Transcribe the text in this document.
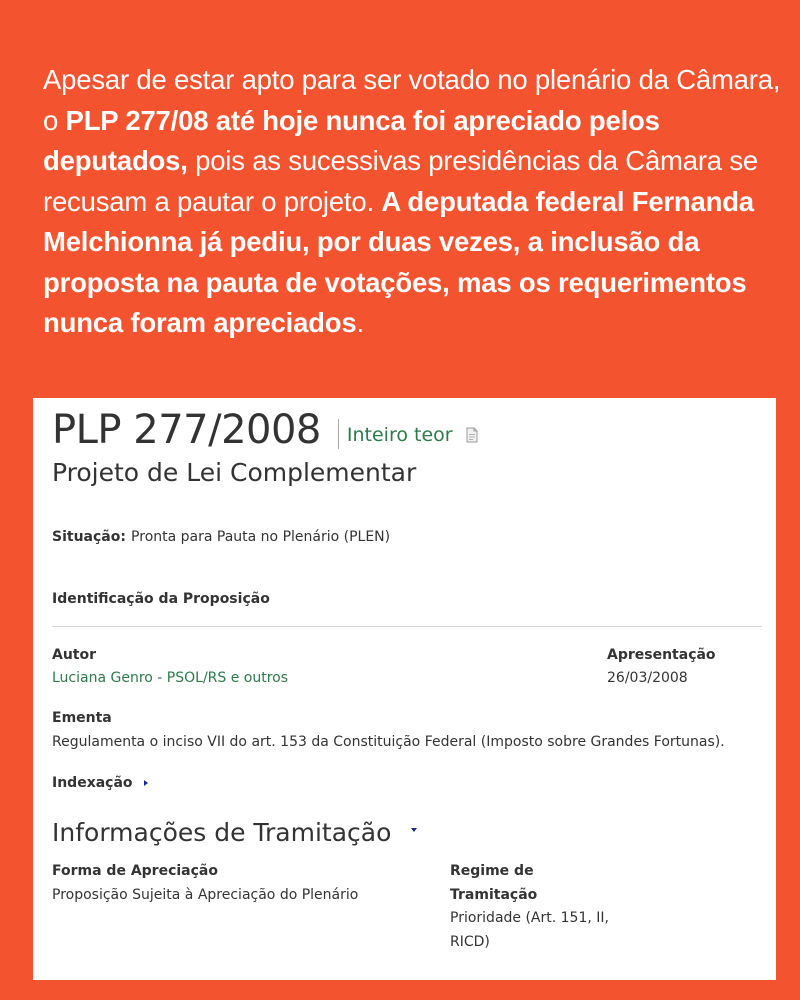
Apesar de estar apto para ser votado no plenário da Câmara, o PLP 277/08 até hoje nunca foi apreciado pelos deputados, pois as sucessivas presidências da Câmara se recusam a pautar o projeto. A deputada federal Fernanda Melchionna já pediu, por duas vezes, a inclusão da proposta na pauta de votações, mas os requerimentos nunca foram apreciados.

PLP 277/2008 Inteiro teor
Projeto de Lei Complementar
Situação: Pronta para Pauta no Plenário (PLEN)
Identificação da Proposição
Autor
Luciana Genro - PSOL/RS e outros
Apresentação
26/03/2008
Ementa
Regulamenta o inciso VII do art. 153 da Constituição Federal (Imposto sobre Grandes Fortunas).
Indexação
Informações de Tramitação
Forma de Apreciação
Proposição Sujeita à Apreciação do Plenário
Regime de
Tramitação
Prioridade (Art. 151, II,
RICD)
